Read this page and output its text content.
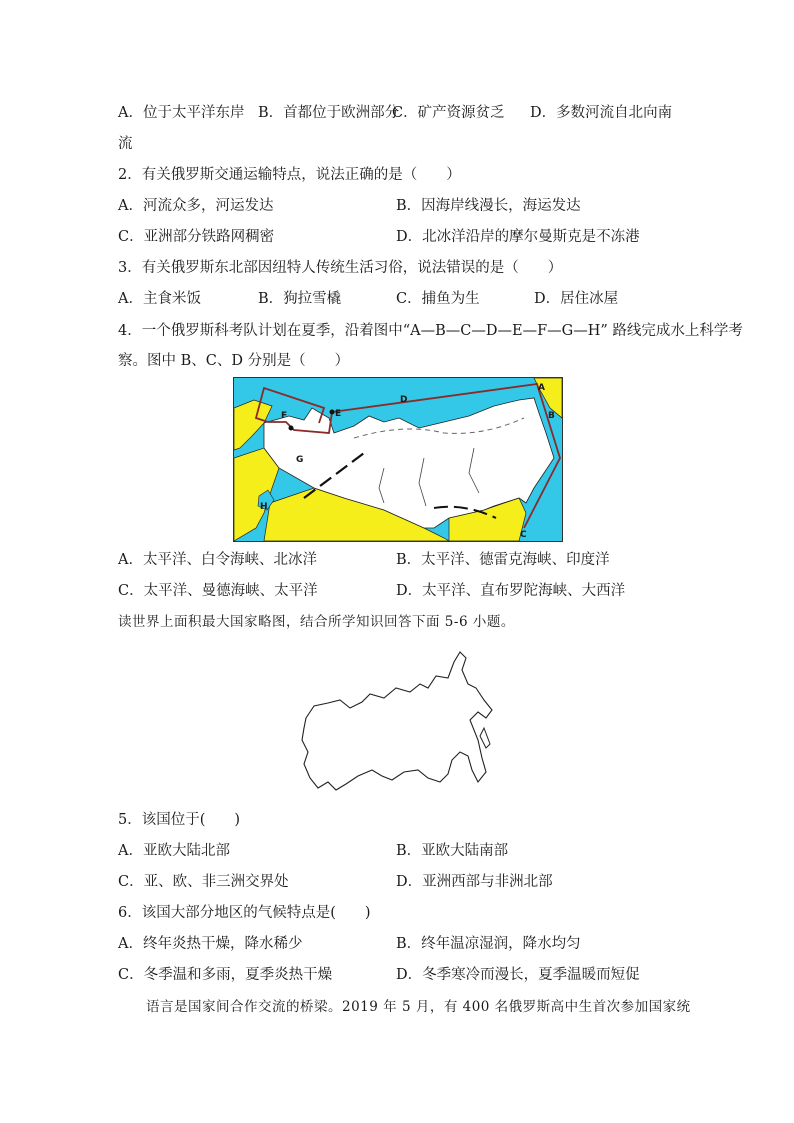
A．位于太平洋东岸 B．首都位于欧洲部分
C．矿产资源贫乏 D．多数河流自北向南
流
2．有关俄罗斯交通运输特点，说法正确的是（　　）
A．河流众多，河运发达	B．因海岸线漫长，海运发达
C．亚洲部分铁路网稠密	D．北冰洋沿岸的摩尔曼斯克是不冻港
3．有关俄罗斯东北部因纽特人传统生活习俗，说法错误的是（　　）
A．主食米饭	B．狗拉雪橇	C．捕鱼为生	D．居住冰屋
4．一个俄罗斯科考队计划在夏季，沿着图中“A—B—C—D—E—F—G—H” 路线完成水上科学考
察。图中 B、C、D 分别是（　　）
A
B
C
D
E
F
G
H
A．太平洋、白令海峡、北冰洋	B．太平洋、德雷克海峡、印度洋
C．太平洋、曼德海峡、太平洋	D．太平洋、直布罗陀海峡、大西洋
读世界上面积最大国家略图，结合所学知识回答下面 5-6 小题。
5．该国位于(　　)
A．亚欧大陆北部	B．亚欧大陆南部
C．亚、欧、非三洲交界处	D．亚洲西部与非洲北部
6．该国大部分地区的气候特点是(　　)
A．终年炎热干燥，降水稀少	B．终年温凉湿润，降水均匀
C．冬季温和多雨，夏季炎热干燥	D．冬季寒冷而漫长，夏季温暖而短促
语言是国家间合作交流的桥梁。2019 年 5 月，有 400 名俄罗斯高中生首次参加国家统
